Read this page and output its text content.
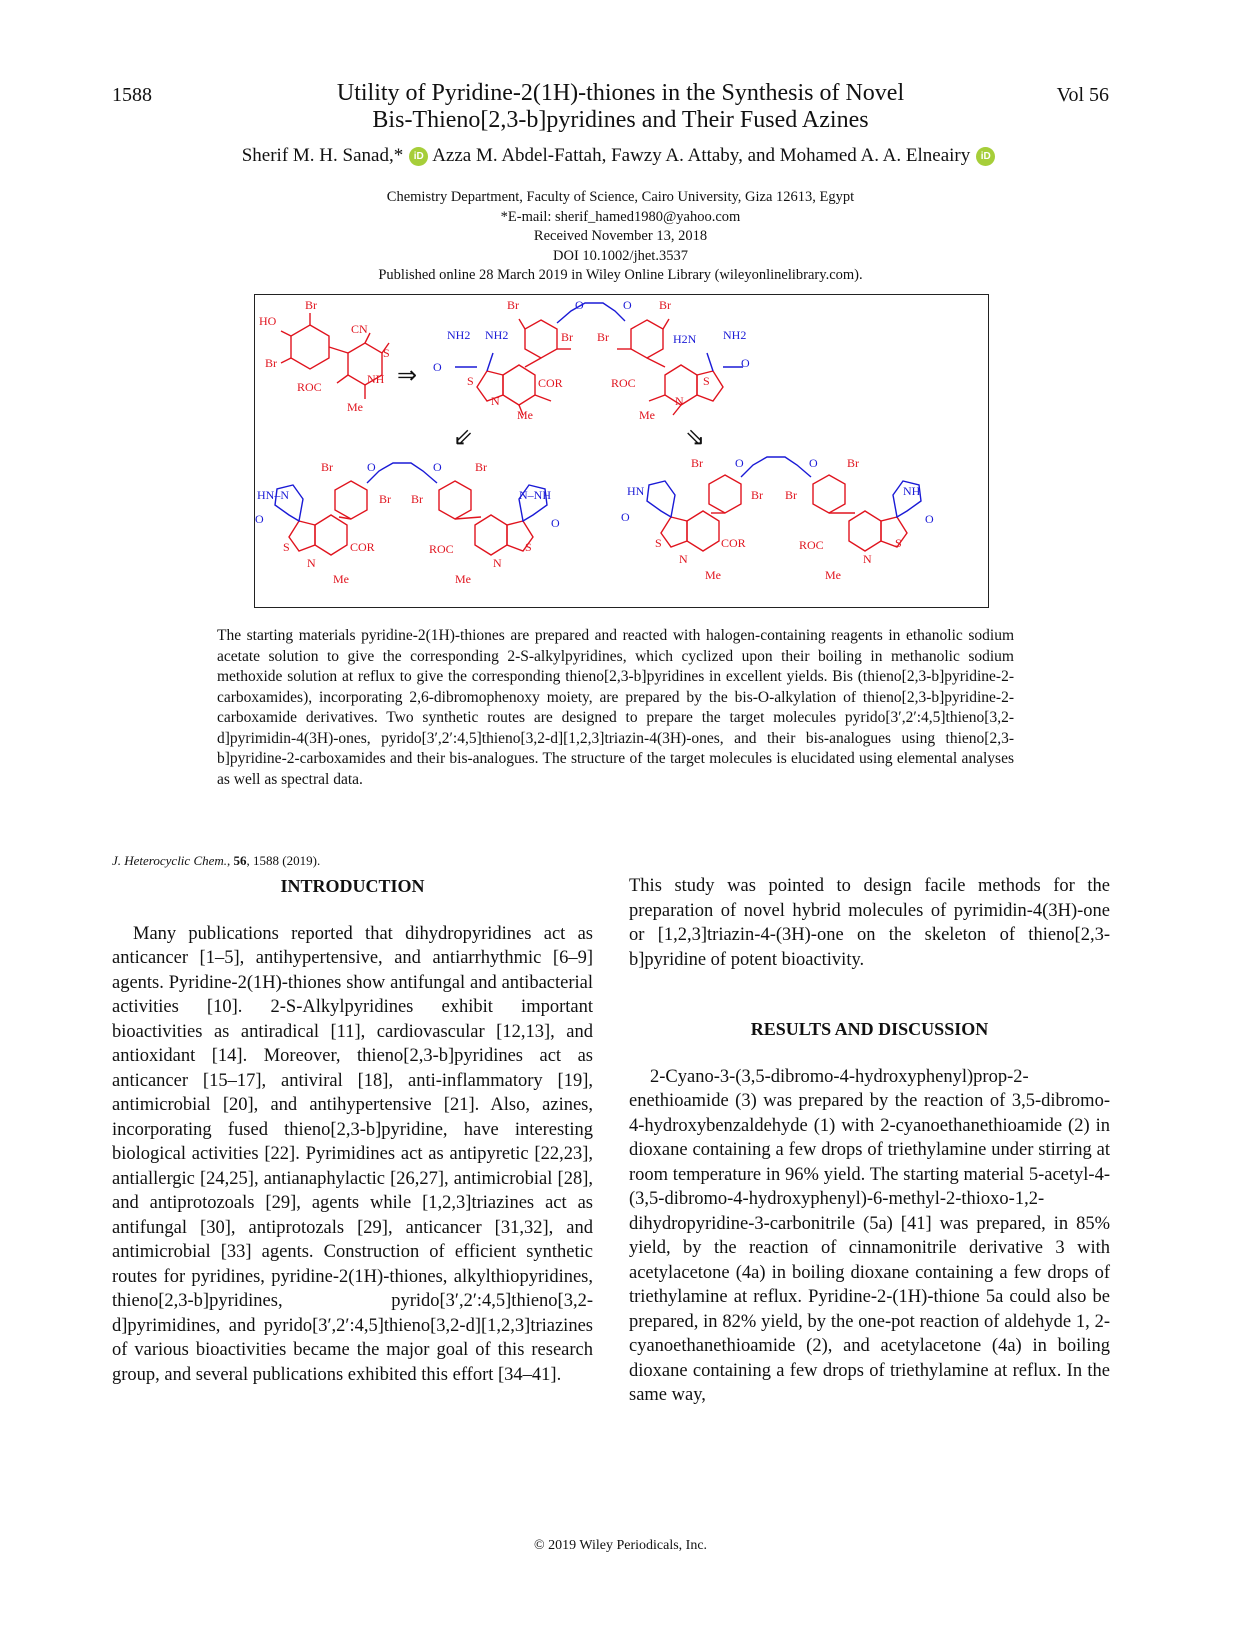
1588	Vol 56
Utility of Pyridine-2(1H)-thiones in the Synthesis of Novel
Bis-Thieno[2,3-b]pyridines and Their Fused Azines
Sherif M. H. Sanad,* iD Azza M. Abdel-Fattah, Fawzy A. Attaby, and Mohamed A. A. Elneairy iD
Chemistry Department, Faculty of Science, Cairo University, Giza 12613, Egypt
*E-mail: sherif_hamed1980@yahoo.com
Received November 13, 2018
DOI 10.1002/jhet.3537
Published online 28 March 2019 in Wiley Online Library (wileyonlinelibrary.com).
Br
HO
Br
CN
S
NH
ROC
Me
Br
Br
S	COR
N
Me
Br
Br
ROC	S
N
Me
Br
Br
S	COR
N
Me
Br
Br
ROC	S
N
Me
Br
Br
S	COR
N
Me
Br
Br
ROC	S
N
Me
O	O
NH2 NH2
O
H2N NH2
O
O	O
HN–N
O
N–NH
O
O	O
HN
O
NH
O
⇒
⇙	⇘
The starting materials pyridine-2(1H)-thiones are prepared and reacted with halogen-containing reagents in ethanolic sodium acetate solution to give the corresponding 2-S-alkylpyridines, which cyclized upon their boiling in methanolic sodium methoxide solution at reflux to give the corresponding thieno[2,3-b]pyridines in excellent yields. Bis (thieno[2,3-b]pyridine-2-carboxamides), incorporating 2,6-dibromophenoxy moiety, are prepared by the bis-O-alkylation of thieno[2,3-b]pyridine-2-carboxamide derivatives. Two synthetic routes are designed to prepare the target molecules pyrido[3′,2′:4,5]thieno[3,2-d]pyrimidin-4(3H)-ones, pyrido[3′,2′:4,5]thieno[3,2-d][1,2,3]triazin-4(3H)-ones, and their bis-analogues using thieno[2,3-b]pyridine-2-carboxamides and their bis-analogues. The structure of the target molecules is elucidated using elemental analyses as well as spectral data.
J. Heterocyclic Chem., 56, 1588 (2019).
INTRODUCTION
Many publications reported that dihydropyridines act as anticancer [1–5], antihypertensive, and antiarrhythmic [6–9] agents. Pyridine-2(1H)-thiones show antifungal and antibacterial activities [10]. 2-S-Alkylpyridines exhibit important bioactivities as antiradical [11], cardiovascular [12,13], and antioxidant [14]. Moreover, thieno[2,3-b]pyridines act as anticancer [15–17], antiviral [18], anti-inflammatory [19], antimicrobial [20], and antihypertensive [21]. Also, azines, incorporating fused thieno[2,3-b]pyridine, have interesting biological activities [22]. Pyrimidines act as antipyretic [22,23], antiallergic [24,25], antianaphylactic [26,27], antimicrobial [28], and antiprotozoals [29], agents while [1,2,3]triazines act as antifungal [30], antiprotozals [29], anticancer [31,32], and antimicrobial [33] agents. Construction of efficient synthetic routes for pyridines, pyridine-2(1H)-thiones, alkylthiopyridines, thieno[2,3-b]pyridines, pyrido[3′,2′:4,5]thieno[3,2-d]pyrimidines, and pyrido[3′,2′:4,5]thieno[3,2-d][1,2,3]triazines of various bioactivities became the major goal of this research group, and several publications exhibited this effort [34–41].
This study was pointed to design facile methods for the preparation of novel hybrid molecules of pyrimidin-4(3H)-one or [1,2,3]triazin-4-(3H)-one on the skeleton of thieno[2,3-b]pyridine of potent bioactivity.
RESULTS AND DISCUSSION
2-Cyano-3-(3,5-dibromo-4-hydroxyphenyl)prop-2-enethioamide (3) was prepared by the reaction of 3,5-dibromo-4-hydroxybenzaldehyde (1) with 2-cyanoethanethioamide (2) in dioxane containing a few drops of triethylamine under stirring at room temperature in 96% yield. The starting material 5-acetyl-4-(3,5-dibromo-4-hydroxyphenyl)-6-methyl-2-thioxo-1,2-dihydropyridine-3-carbonitrile (5a) [41] was prepared, in 85% yield, by the reaction of cinnamonitrile derivative 3 with acetylacetone (4a) in boiling dioxane containing a few drops of triethylamine at reflux. Pyridine-2-(1H)-thione 5a could also be prepared, in 82% yield, by the one-pot reaction of aldehyde 1, 2-cyanoethanethioamide (2), and acetylacetone (4a) in boiling dioxane containing a few drops of triethylamine at reflux. In the same way,
© 2019 Wiley Periodicals, Inc.
